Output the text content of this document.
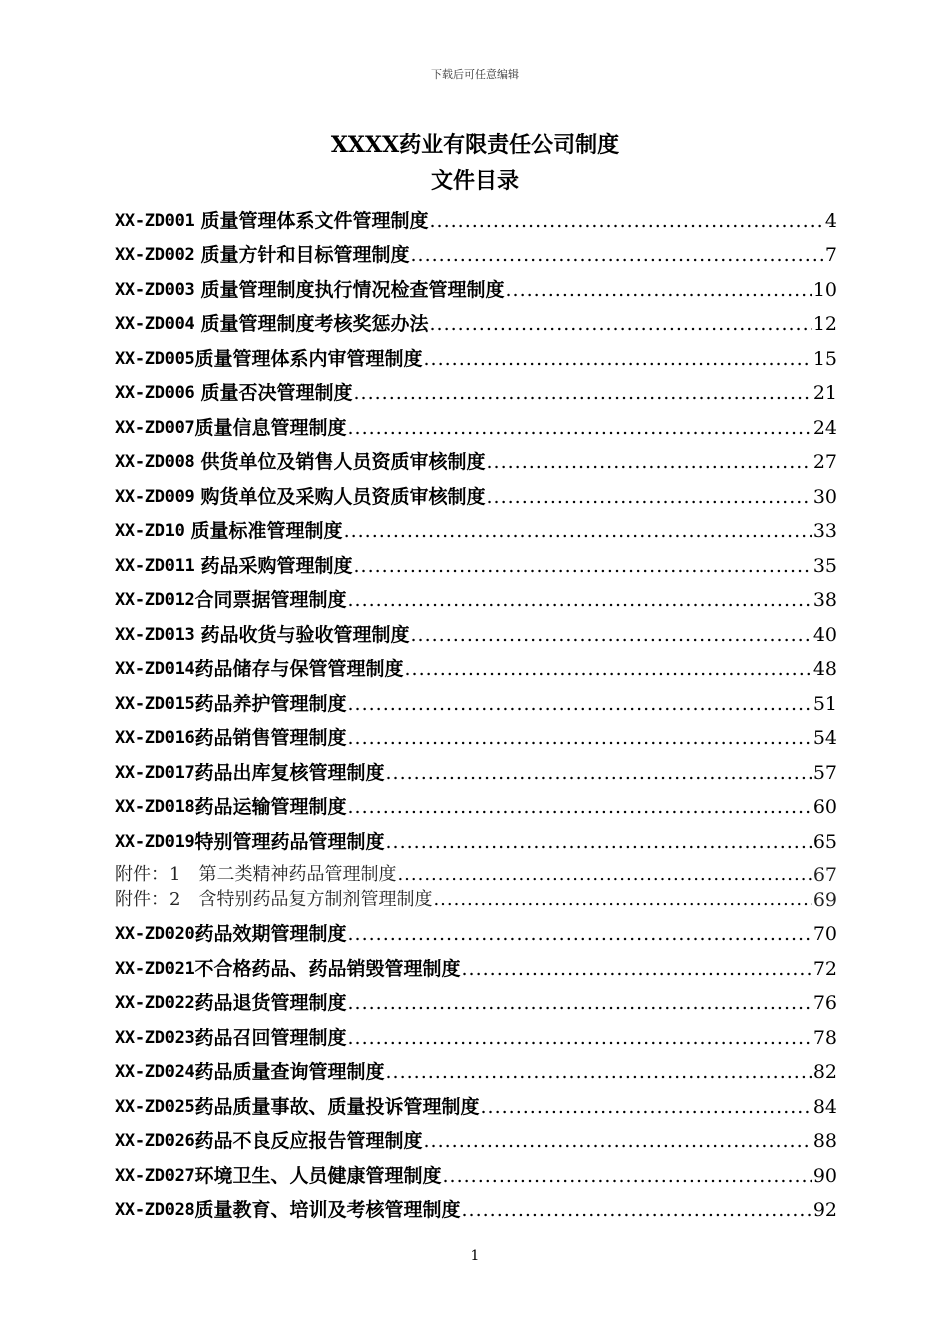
下载后可任意编辑
XXXX药业有限责任公司制度
文件目录
XX-ZD001 质量管理体系文件管理制度 .....	4
XX-ZD002 质量方针和目标管理制度 .....	7
XX-ZD003 质量管理制度执行情况检查管理制度 .....	10
XX-ZD004 质量管理制度考核奖惩办法 .....	12
XX-ZD005 质量管理体系内审管理制度 .....	15
XX-ZD006 质量否决管理制度 .....	21
XX-ZD007 质量信息管理制度 .....	24
XX-ZD008 供货单位及销售人员资质审核制度 .....	27
XX-ZD009 购货单位及采购人员资质审核制度 .....	30
XX-ZD10 质量标准管理制度 .....	33
XX-ZD011 药品采购管理制度 .....	35
XX-ZD012 合同票据管理制度 .....	38
XX-ZD013 药品收货与验收管理制度 .....	40
XX-ZD014 药品储存与保管管理制度 .....	48
XX-ZD015 药品养护管理制度 .....	51
XX-ZD016 药品销售管理制度 .....	54
XX-ZD017 药品出库复核管理制度 .....	57
XX-ZD018 药品运输管理制度 .....	60
XX-ZD019 特别管理药品管理制度 .....	65
附件：1　第二类精神药品管理制度 .....	67
附件：2　含特别药品复方制剂管理制度 .....	69
XX-ZD020 药品效期管理制度 .....	70
XX-ZD021 不合格药品、药品销毁管理制度 .....	72
XX-ZD022 药品退货管理制度 .....	76
XX-ZD023 药品召回管理制度 .....	78
XX-ZD024 药品质量查询管理制度 .....	82
XX-ZD025 药品质量事故、质量投诉管理制度 .....	84
XX-ZD026 药品不良反应报告管理制度 .....	88
XX-ZD027 环境卫生、人员健康管理制度 .....	90
XX-ZD028 质量教育、培训及考核管理制度 .....	92
1
